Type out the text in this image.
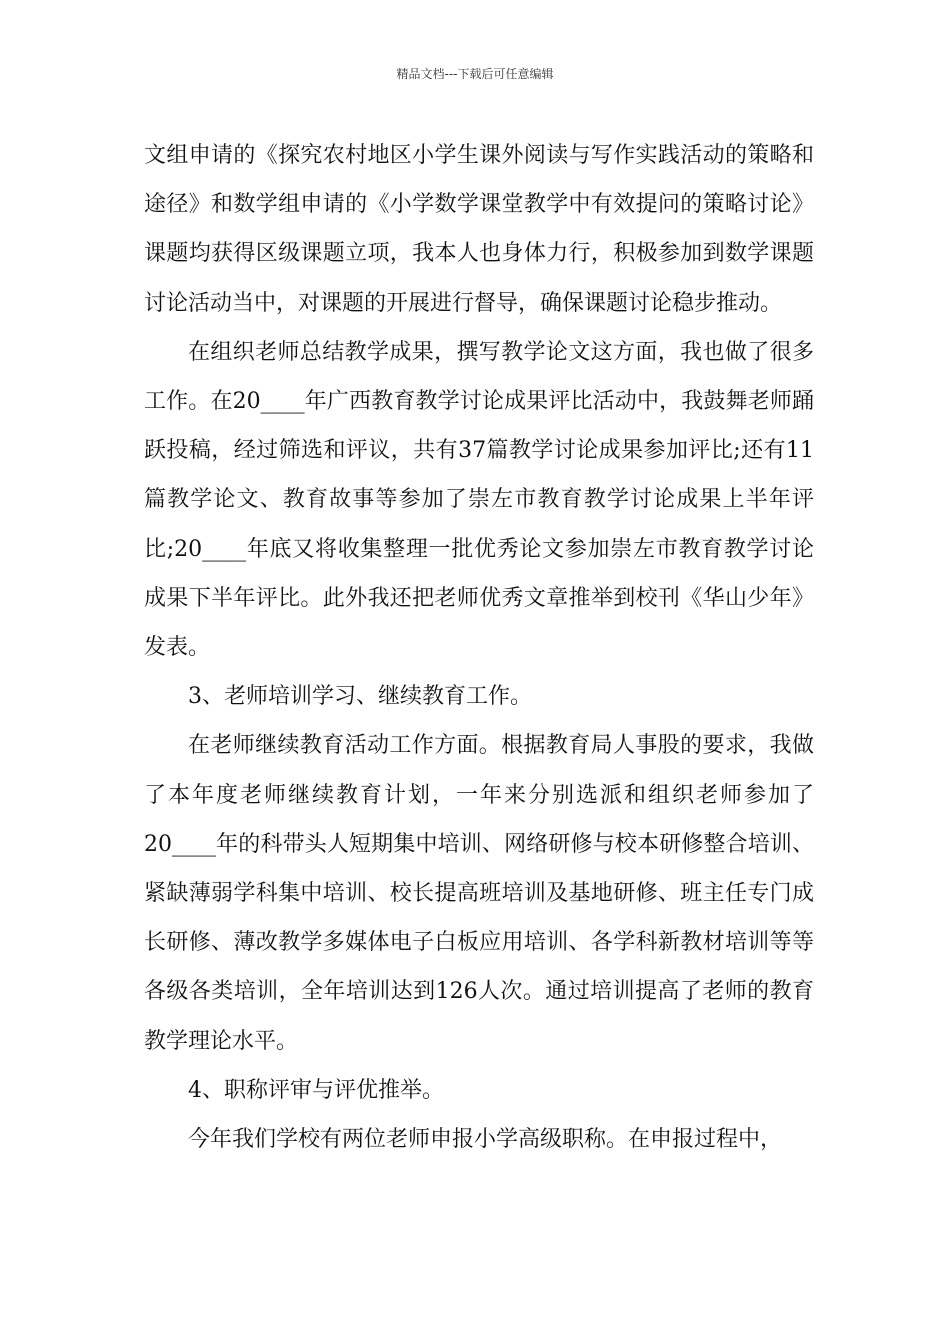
精品文档---下载后可任意编辑

文组申请的《探究农村地区小学生课外阅读与写作实践活动的策略和途径》和数学组申请的《小学数学课堂教学中有效提问的策略讨论》课题均获得区级课题立项，我本人也身体力行，积极参加到数学课题讨论活动当中，对课题的开展进行督导，确保课题讨论稳步推动。

在组织老师总结教学成果，撰写教学论文这方面，我也做了很多工作。在20____年广西教育教学讨论成果评比活动中，我鼓舞老师踊跃投稿，经过筛选和评议，共有37篇教学讨论成果参加评比;还有11篇教学论文、教育故事等参加了崇左市教育教学讨论成果上半年评比;20____年底又将收集整理一批优秀论文参加崇左市教育教学讨论成果下半年评比。此外我还把老师优秀文章推举到校刊《华山少年》发表。

3、老师培训学习、继续教育工作。

在老师继续教育活动工作方面。根据教育局人事股的要求，我做了本年度老师继续教育计划，一年来分别选派和组织老师参加了20____年的科带头人短期集中培训、网络研修与校本研修整合培训、紧缺薄弱学科集中培训、校长提高班培训及基地研修、班主任专门成长研修、薄改教学多媒体电子白板应用培训、各学科新教材培训等等各级各类培训，全年培训达到126人次。通过培训提高了老师的教育教学理论水平。

4、职称评审与评优推举。

今年我们学校有两位老师申报小学高级职称。在申报过程中，
